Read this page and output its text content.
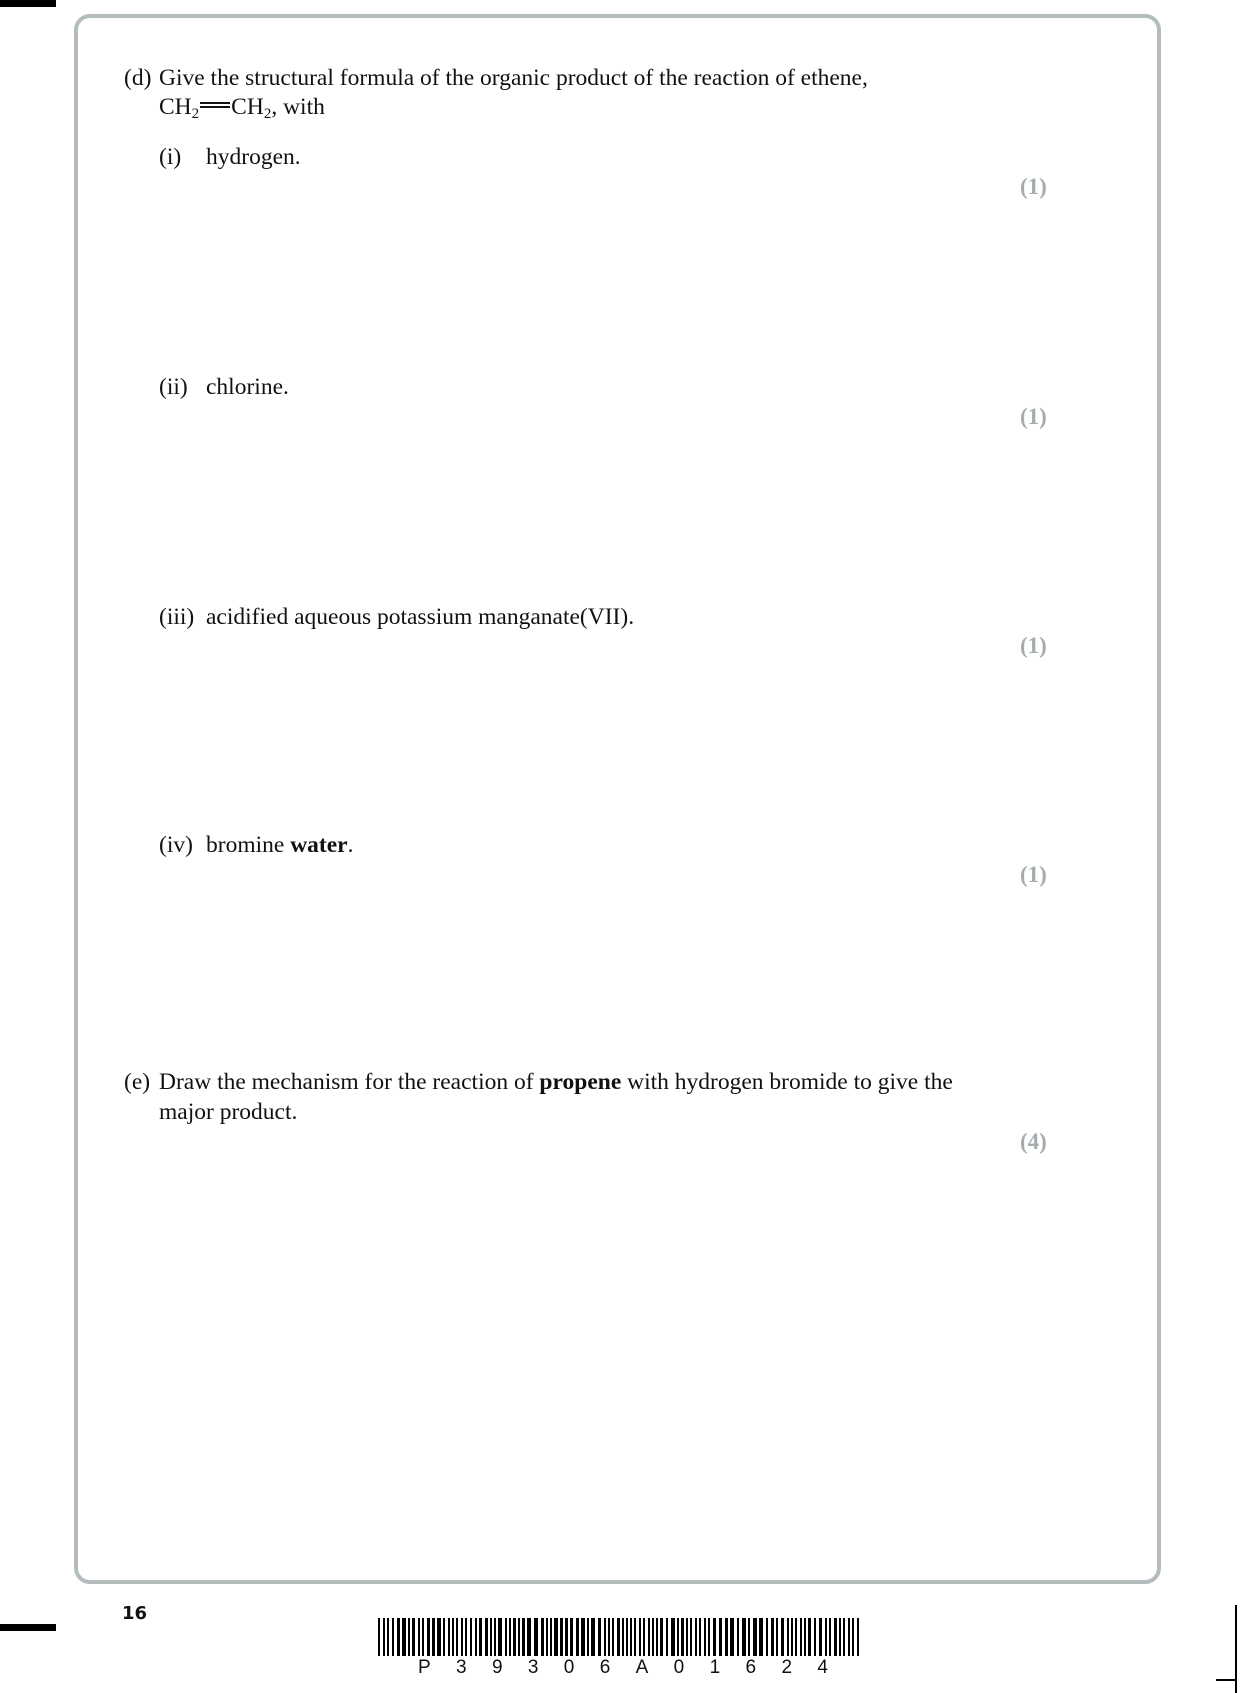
(d) Give the structural formula of the organic product of the reaction of ethene,
$CH_2$ $CH_2$, with
(i) hydrogen.
(1)
(ii) chlorine.
(1)
(iii) acidified aqueous potassium manganate(VII).
(1)
(iv) bromine water.
(1)
(e) Draw the mechanism for the reaction of propene with hydrogen bromide to give the
major product.
(4)
16
P 3 9 3 0 6 A 0 1 6 2 4
